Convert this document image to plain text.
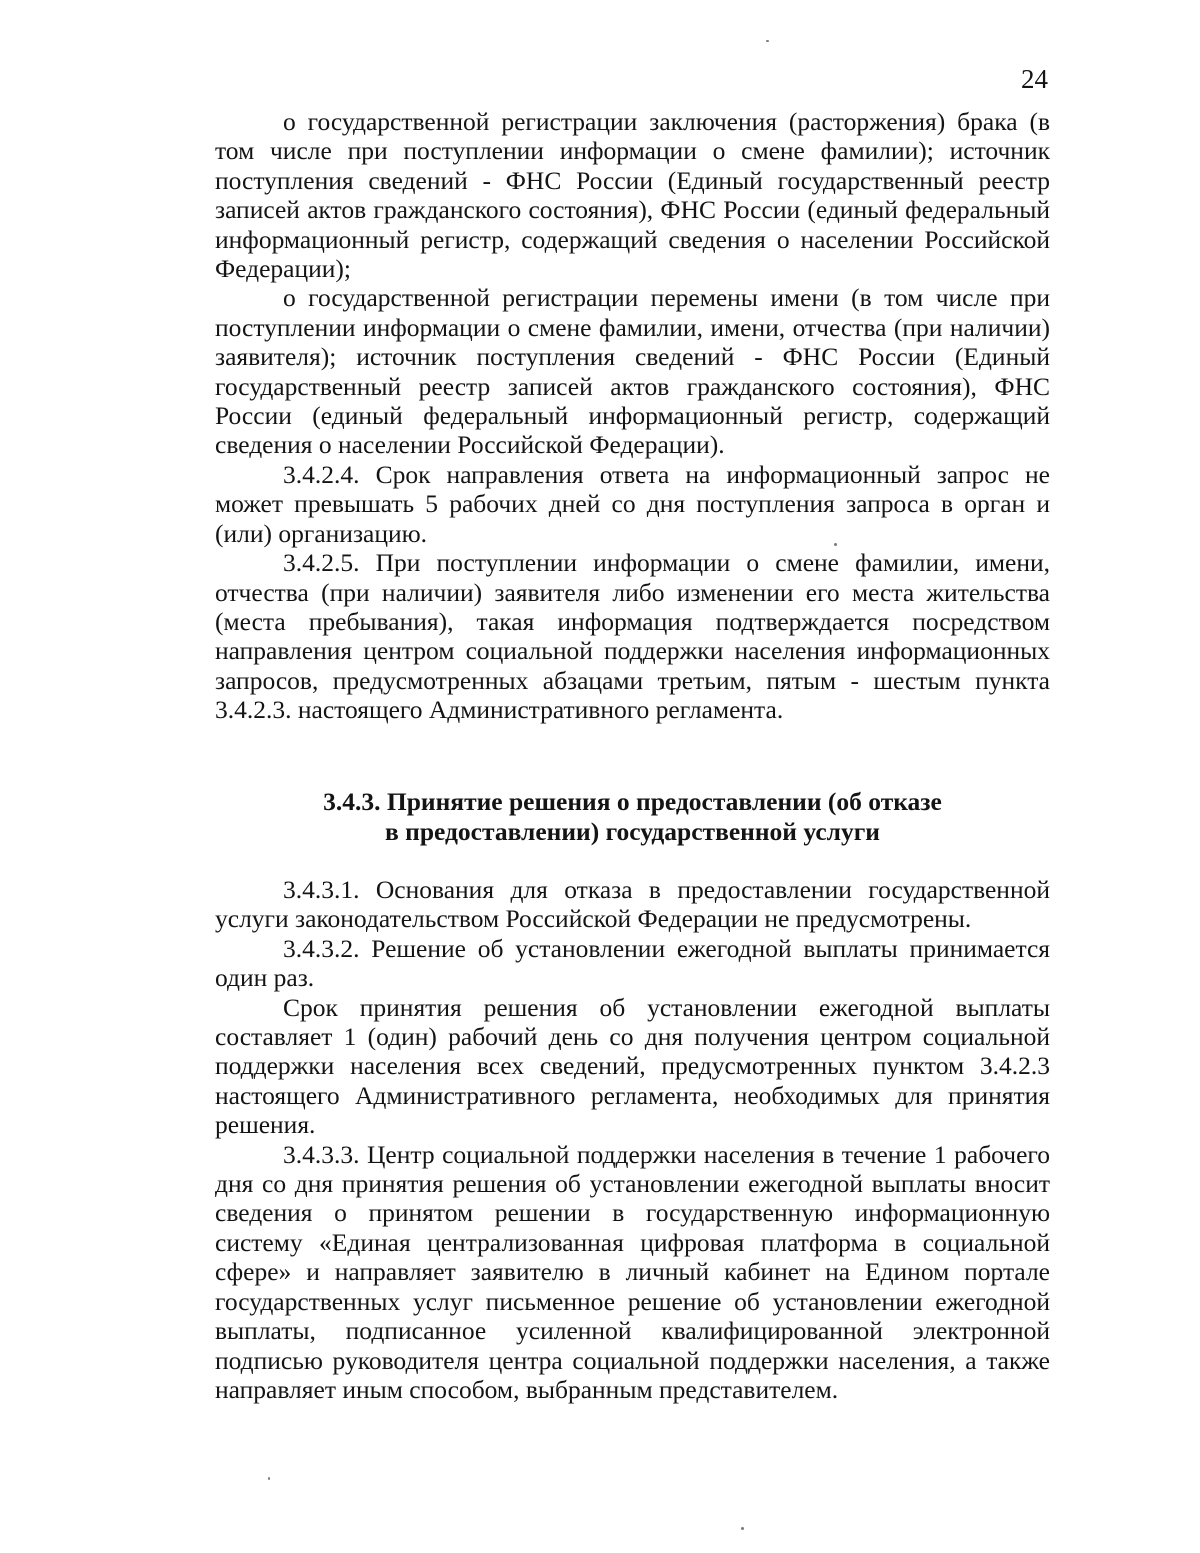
24

о государственной регистрации заключения (расторжения) брака (в том числе при поступлении информации о смене фамилии); источник поступления сведений - ФНС России (Единый государственный реестр записей актов гражданского состояния), ФНС России (единый федеральный информационный регистр, содержащий сведения о населении Российской Федерации);

о государственной регистрации перемены имени (в том числе при поступлении информации о смене фамилии, имени, отчества (при наличии) заявителя); источник поступления сведений - ФНС России (Единый государственный реестр записей актов гражданского состояния), ФНС России (единый федеральный информационный регистр, содержащий сведения о населении Российской Федерации).

3.4.2.4. Срок направления ответа на информационный запрос не может превышать 5 рабочих дней со дня поступления запроса в орган и (или) организацию.

3.4.2.5. При поступлении информации о смене фамилии, имени, отчества (при наличии) заявителя либо изменении его места жительства (места пребывания), такая информация подтверждается посредством направления центром социальной поддержки населения информационных запросов, предусмотренных абзацами третьим, пятым - шестым пункта 3.4.2.3. настоящего Административного регламента.

3.4.3. Принятие решения о предоставлении (об отказе
в предоставлении) государственной услуги

3.4.3.1. Основания для отказа в предоставлении государственной услуги законодательством Российской Федерации не предусмотрены.

3.4.3.2. Решение об установлении ежегодной выплаты принимается один раз.

Срок принятия решения об установлении ежегодной выплаты составляет 1 (один) рабочий день со дня получения центром социальной поддержки населения всех сведений, предусмотренных пунктом 3.4.2.3 настоящего Административного регламента, необходимых для принятия решения.

3.4.3.3. Центр социальной поддержки населения в течение 1 рабочего дня со дня принятия решения об установлении ежегодной выплаты вносит сведения о принятом решении в государственную информационную систему «Единая централизованная цифровая платформа в социальной сфере» и направляет заявителю в личный кабинет на Едином портале государственных услуг письменное решение об установлении ежегодной выплаты, подписанное усиленной квалифицированной электронной подписью руководителя центра социальной поддержки населения, а также направляет иным способом, выбранным представителем.
